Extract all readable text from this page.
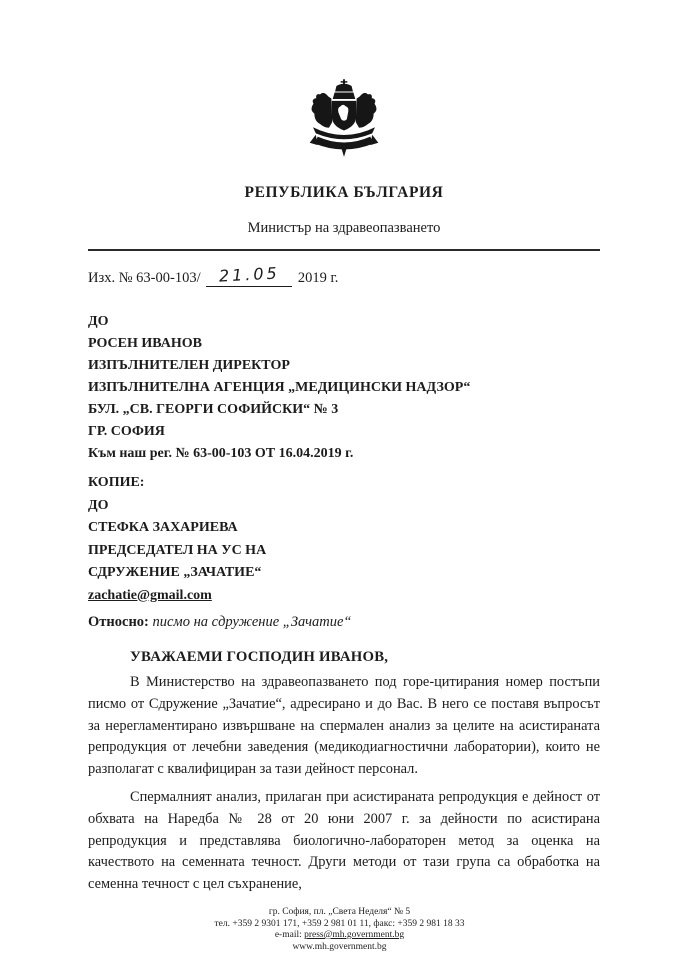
РЕПУБЛИКА БЪЛГАРИЯ
Министър на здравеопазването
Изх. № 63-00-103/ 21.05 2019 г.
ДО
РОСЕН ИВАНОВ
ИЗПЪЛНИТЕЛЕН ДИРЕКТОР
ИЗПЪЛНИТЕЛНА АГЕНЦИЯ „МЕДИЦИНСКИ НАДЗОР“
БУЛ. „СВ. ГЕОРГИ СОФИЙСКИ“ № 3
ГР. СОФИЯ
Към наш рег. № 63-00-103 ОТ 16.04.2019 г.
КОПИЕ:
ДО
СТЕФКА ЗАХАРИЕВА
ПРЕДСЕДАТЕЛ НА УС НА
СДРУЖЕНИЕ „ЗАЧАТИЕ“
zachatie@gmail.com
Относно: писмо на сдружение „Зачатие“
УВАЖАЕМИ ГОСПОДИН ИВАНОВ,

В Министерство на здравеопазването под горе-цитирания номер постъпи писмо от Сдружение „Зачатие“, адресирано и до Вас. В него се поставя въпросът за нерегламентирано извършване на спермален анализ за целите на асистираната репродукция от лечебни заведения (медикодиагностични лаборатории), които не разполагат с квалифициран за тази дейност персонал.

Спермалният анализ, прилаган при асистираната репродукция е дейност от обхвата на Наредба № 28 от 20 юни 2007 г. за дейности по асистирана репродукция и представлява биологично-лабораторен метод за оценка на качеството на семенната течност. Други методи от тази група са обработка на семенна течност с цел съхранение,

гр. София, пл. „Света Неделя“ № 5
тел. +359 2 9301 171, +359 2 981 01 11, факс: +359 2 981 18 33
e-mail: press@mh.government.bg
www.mh.government.bg
